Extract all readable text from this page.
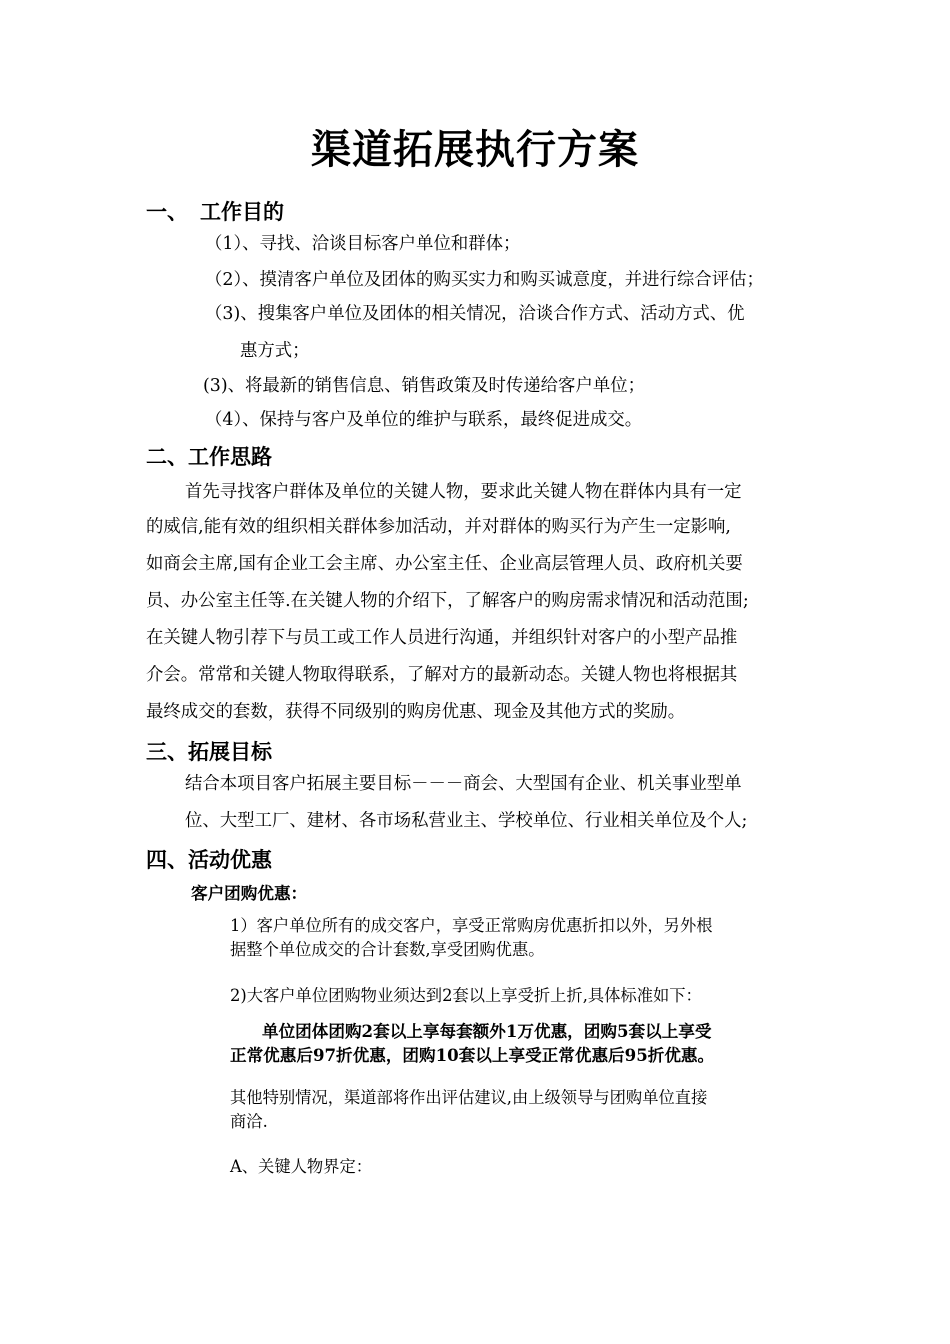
渠道拓展执行方案
一、 工作目的

（1）、寻找、洽谈目标客户单位和群体；

（2）、摸清客户单位及团体的购买实力和购买诚意度，并进行综合评估；

（3)、搜集客户单位及团体的相关情况，洽谈合作方式、活动方式、优

惠方式；

(3)、将最新的销售信息、销售政策及时传递给客户单位；

（4）、保持与客户及单位的维护与联系，最终促进成交。

二、工作思路

首先寻找客户群体及单位的关键人物，要求此关键人物在群体内具有一定

的威信,能有效的组织相关群体参加活动，并对群体的购买行为产生一定影响,

如商会主席,国有企业工会主席、办公室主任、企业高层管理人员、政府机关要

员、办公室主任等.在关键人物的介绍下，了解客户的购房需求情况和活动范围;

在关键人物引荐下与员工或工作人员进行沟通，并组织针对客户的小型产品推

介会。常常和关键人物取得联系，了解对方的最新动态。关键人物也将根据其

最终成交的套数，获得不同级别的购房优惠、现金及其他方式的奖励。

三、拓展目标

结合本项目客户拓展主要目标－－－商会、大型国有企业、机关事业型单

位、大型工厂、建材、各市场私营业主、学校单位、行业相关单位及个人;

四、活动优惠

客户团购优惠：

1）客户单位所有的成交客户，享受正常购房优惠折扣以外，另外根

据整个单位成交的合计套数,享受团购优惠。

2)大客户单位团购物业须达到2套以上享受折上折,具体标准如下：

单位团体团购2套以上享每套额外1万优惠，团购5套以上享受

正常优惠后97折优惠，团购10套以上享受正常优惠后95折优惠。

其他特别情况，渠道部将作出评估建议,由上级领导与团购单位直接

商洽.

A、关键人物界定：
